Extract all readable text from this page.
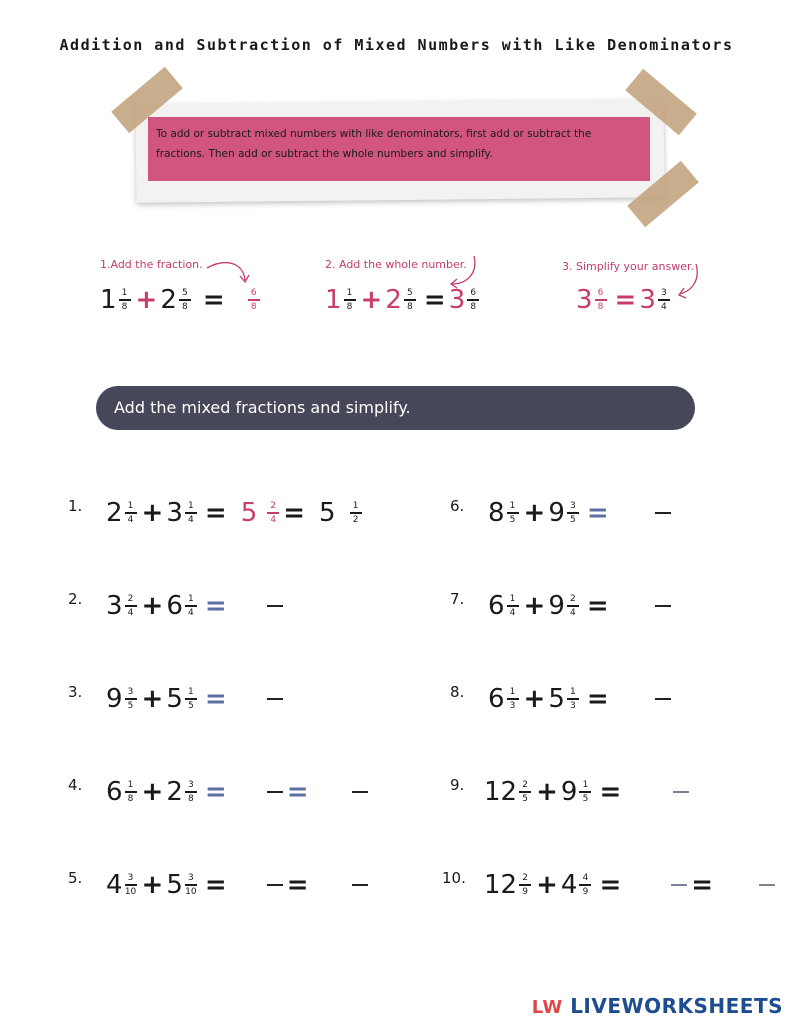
Addition and Subtraction of Mixed Numbers with Like Denominators
To add or subtract mixed numbers with like denominators, first add or subtract the fractions. Then add or subtract the whole numbers and simplify.
1.Add the fraction.	2. Add the whole number.	3. Simplify your answer.
$1 \frac{1}{8} + 2 \frac{5}{8}$ =	$\frac{6}{8}$	$1 \frac{1}{8} + 2 \frac{5}{8} = 3 \frac{6}{8}$	$3 \frac{6}{8} = 3 \frac{3}{4}$
Add the mixed fractions and simplify.
1. $2 \frac{1}{4} + 3 \frac{1}{4} = 5 \frac{2}{4} = 5 \frac{1}{2}$
2. $3 \frac{2}{4} + 6 \frac{1}{4}$ =
3. $9 \frac{3}{5} + 5 \frac{1}{5}$ =
4. $6 \frac{1}{8} + 2 \frac{3}{8}$ = =
5. $4 \frac{3}{10} + 5 \frac{3}{10}$ = =
6. $8 \frac{1}{5} + 9 \frac{3}{5}$ =
7. $6 \frac{1}{4} + 9 \frac{2}{4}$ =
8. $6 \frac{1}{3} + 5 \frac{1}{3}$ =
9. $12 \frac{2}{5} + 9 \frac{1}{5}$ =
10. $12 \frac{2}{9} + 4 \frac{4}{9}$ =	=
LW LIVEWORKSHEETS
